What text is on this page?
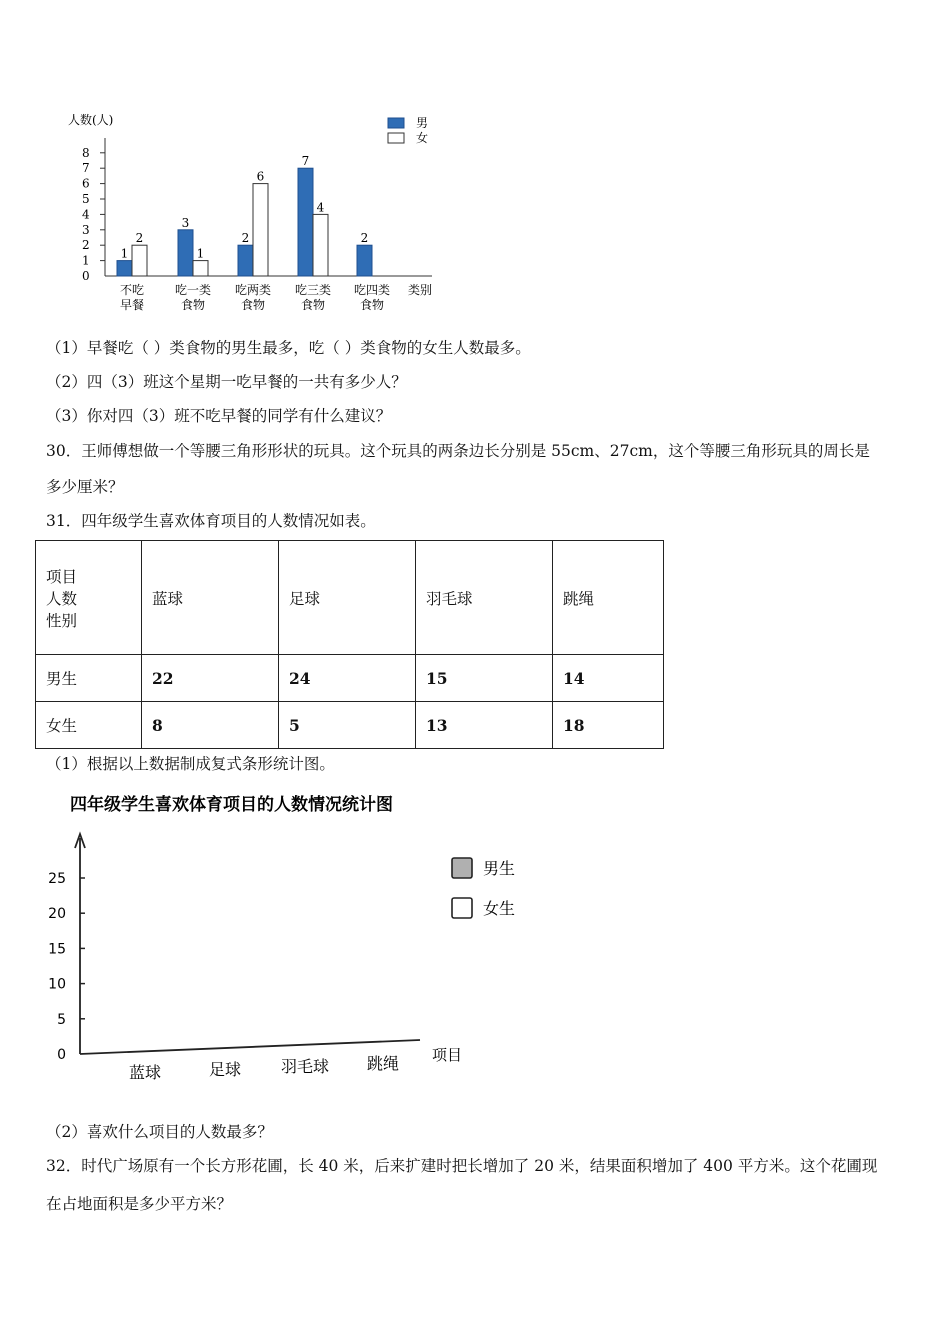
人数(人)
类别
0
1
2
3
4
5
6
7
8
1
2
不吃
早餐
3
1
吃一类
食物
2
6
吃两类
食物
7
4
吃三类
食物
2
吃四类
食物
男
女
（1）早餐吃（ ）类食物的男生最多，吃（ ）类食物的女生人数最多。
（2）四（3）班这个星期一吃早餐的一共有多少人？
（3）你对四（3）班不吃早餐的同学有什么建议？
30．王师傅想做一个等腰三角形形状的玩具。这个玩具的两条边长分别是 55cm、27cm，这个等腰三角形玩具的周长是
多少厘米？
31．四年级学生喜欢体育项目的人数情况如表。
项目
人数
性别	蓝球	足球	羽毛球	跳绳
男生	22	24	15	14
女生	8	5	13	18
（1）根据以上数据制成复式条形统计图。
四年级学生喜欢体育项目的人数情况统计图
0
5
10
15
20
25
蓝球	足球 羽毛球 跳绳 项目
男生
女生
（2）喜欢什么项目的人数最多？
32．时代广场原有一个长方形花圃，长 40 米，后来扩建时把长增加了 20 米，结果面积增加了 400 平方米。这个花圃现
在占地面积是多少平方米？
